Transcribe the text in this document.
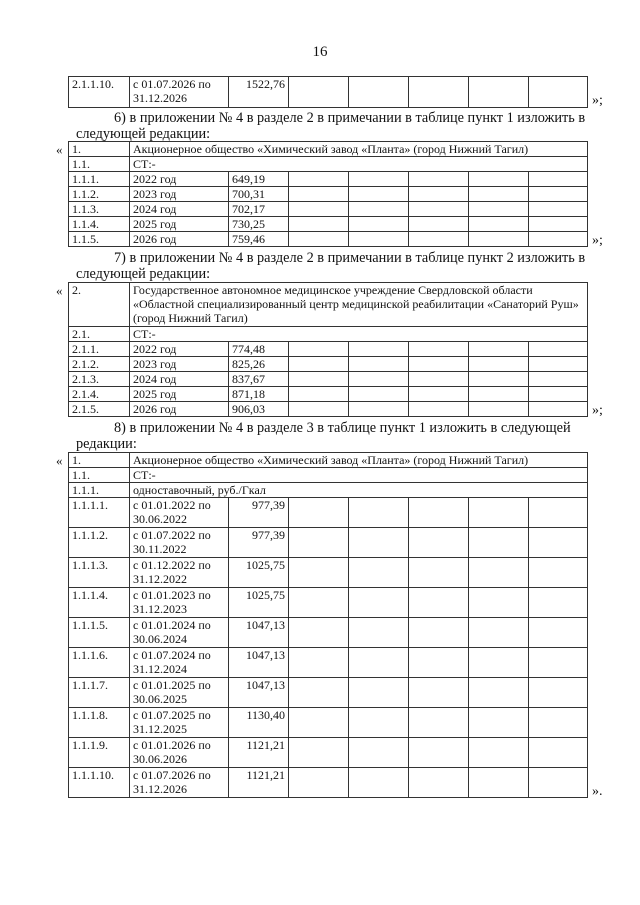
16
2.1.1.10.	с 01.07.2026 по 31.12.2026	1522,76					
»;
6) в приложении № 4 в разделе 2 в примечании в таблице пункт 1 изложить в следующей редакции:
« 1.	Акционерное общество «Химический завод «Планта» (город Нижний Тагил)						
1.1.	СТ:-						
1.1.1.	2022 год	649,19					
1.1.2.	2023 год	700,31					
1.1.3.	2024 год	702,17					
1.1.4.	2025 год	730,25					
1.1.5.	2026 год	759,46						»;
7) в приложении № 4 в разделе 2 в примечании в таблице пункт 2 изложить в следующей редакции:
« 2.	Государственное автономное медицинское учреждение Свердловской области «Областной специализированный центр медицинской реабилитации «Санаторий Руш» (город Нижний Тагил)						
2.1.	СТ:-						
2.1.1.	2022 год	774,48					
2.1.2.	2023 год	825,26					
2.1.3.	2024 год	837,67					
2.1.4.	2025 год	871,18					
2.1.5.	2026 год	906,03						»;
8) в приложении № 4 в разделе 3 в таблице пункт 1 изложить в следующей редакции:
« 1.	Акционерное общество «Химический завод «Планта» (город Нижний Тагил)						
1.1.	СТ:-						
1.1.1.	одноставочный, руб./Гкал						
1.1.1.1.	с 01.01.2022 по 30.06.2022	977,39					
1.1.1.2.	с 01.07.2022 по 30.11.2022	977,39					
1.1.1.3.	с 01.12.2022 по 31.12.2022	1025,75					
1.1.1.4.	с 01.01.2023 по 31.12.2023	1025,75					
1.1.1.5.	с 01.01.2024 по 30.06.2024	1047,13					
1.1.1.6.	с 01.07.2024 по 31.12.2024	1047,13					
1.1.1.7.	с 01.01.2025 по 30.06.2025	1047,13					
1.1.1.8.	с 01.07.2025 по 31.12.2025	1130,40					
1.1.1.9.	с 01.01.2026 по 30.06.2026	1121,21					
1.1.1.10.	с 01.07.2026 по 31.12.2026	1121,21					
».
